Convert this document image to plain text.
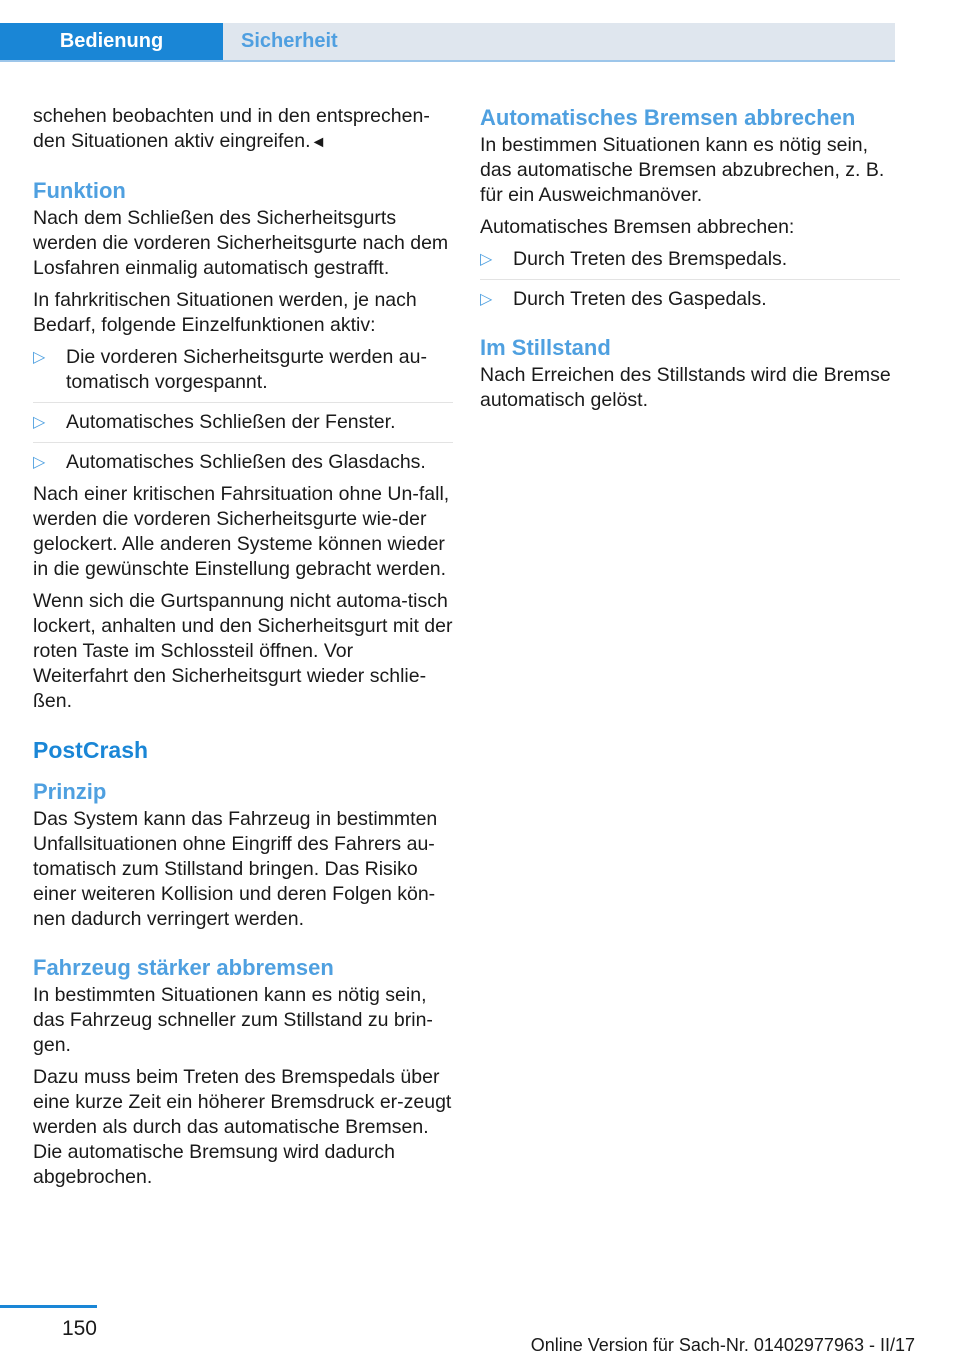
Bedienung	Sicherheit

schehen beobachten und in den entsprechen-den Situationen aktiv eingreifen.◄

Funktion

Nach dem Schließen des Sicherheitsgurts werden die vorderen Sicherheitsgurte nach dem Losfahren einmalig automatisch gestrafft.

In fahrkritischen Situationen werden, je nach Bedarf, folgende Einzelfunktionen aktiv:

▷ Die vorderen Sicherheitsgurte werden au-tomatisch vorgespannt.
▷ Automatisches Schließen der Fenster.
▷ Automatisches Schließen des Glasdachs.

Nach einer kritischen Fahrsituation ohne Un-fall, werden die vorderen Sicherheitsgurte wie-der gelockert. Alle anderen Systeme können wieder in die gewünschte Einstellung gebracht werden.

Wenn sich die Gurtspannung nicht automa-tisch lockert, anhalten und den Sicherheitsgurt mit der roten Taste im Schlossteil öffnen. Vor Weiterfahrt den Sicherheitsgurt wieder schlie-ßen.

PostCrash
Prinzip

Das System kann das Fahrzeug in bestimmten Unfallsituationen ohne Eingriff des Fahrers au-tomatisch zum Stillstand bringen. Das Risiko einer weiteren Kollision und deren Folgen kön-nen dadurch verringert werden.

Fahrzeug stärker abbremsen

In bestimmten Situationen kann es nötig sein, das Fahrzeug schneller zum Stillstand zu brin-gen.

Dazu muss beim Treten des Bremspedals über eine kurze Zeit ein höherer Bremsdruck er-zeugt werden als durch das automatische Bremsen. Die automatische Bremsung wird dadurch abgebrochen.

Automatisches Bremsen abbrechen

In bestimmen Situationen kann es nötig sein, das automatische Bremsen abzubrechen, z. B. für ein Ausweichmanöver.

Automatisches Bremsen abbrechen:

▷ Durch Treten des Bremspedals.
▷ Durch Treten des Gaspedals.
Im Stillstand

Nach Erreichen des Stillstands wird die Bremse automatisch gelöst.

150
Online Version für Sach-Nr. 01402977963 - II/17
